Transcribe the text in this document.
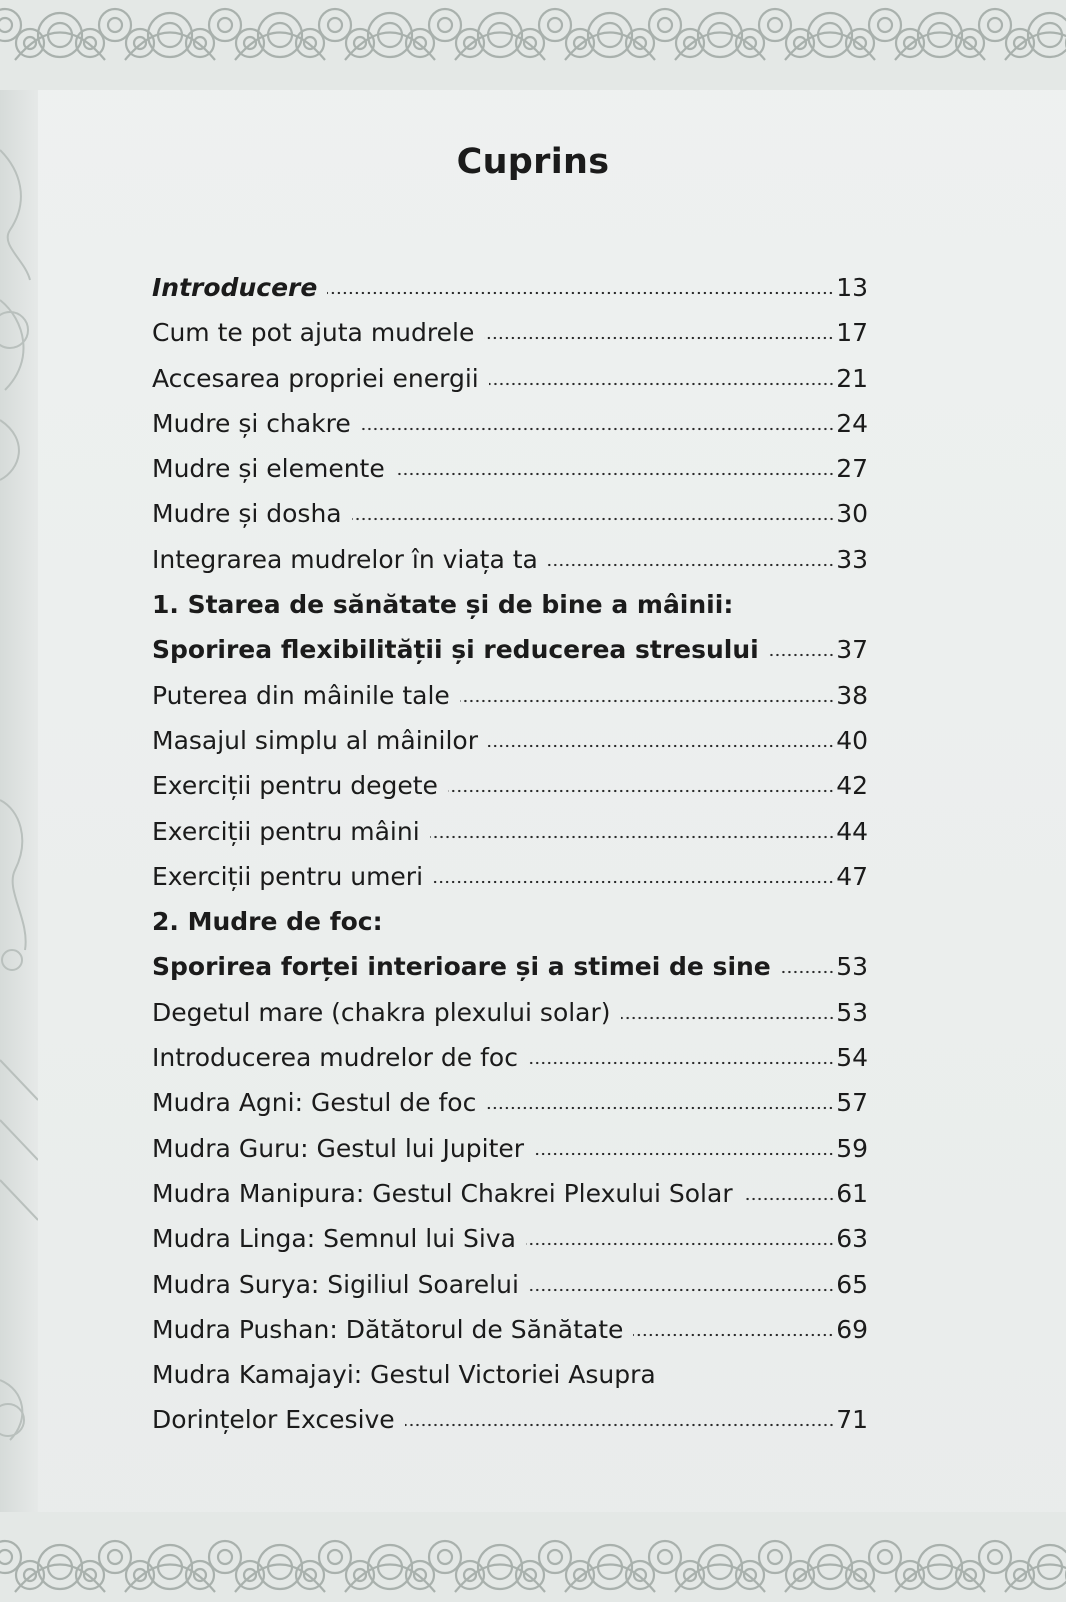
Cuprins
Introducere	13
Cum te pot ajuta mudrele	17
Accesarea propriei energii	21
Mudre și chakre	24
Mudre și elemente	27
Mudre și dosha	30
Integrarea mudrelor în viața ta	33
1. Starea de sănătate și de bine a mâinii:
Sporirea flexibilității și reducerea stresului	37
Puterea din mâinile tale	38
Masajul simplu al mâinilor	40
Exerciții pentru degete	42
Exerciții pentru mâini	44
Exerciții pentru umeri	47
2. Mudre de foc:
Sporirea forței interioare și a stimei de sine	53
Degetul mare (chakra plexului solar)	53
Introducerea mudrelor de foc	54
Mudra Agni: Gestul de foc	57
Mudra Guru: Gestul lui Jupiter	59
Mudra Manipura: Gestul Chakrei Plexului Solar	61
Mudra Linga: Semnul lui Siva	63
Mudra Surya: Sigiliul Soarelui	65
Mudra Pushan: Dătătorul de Sănătate	69
Mudra Kamajayi: Gestul Victoriei Asupra
Dorințelor Excesive	71
